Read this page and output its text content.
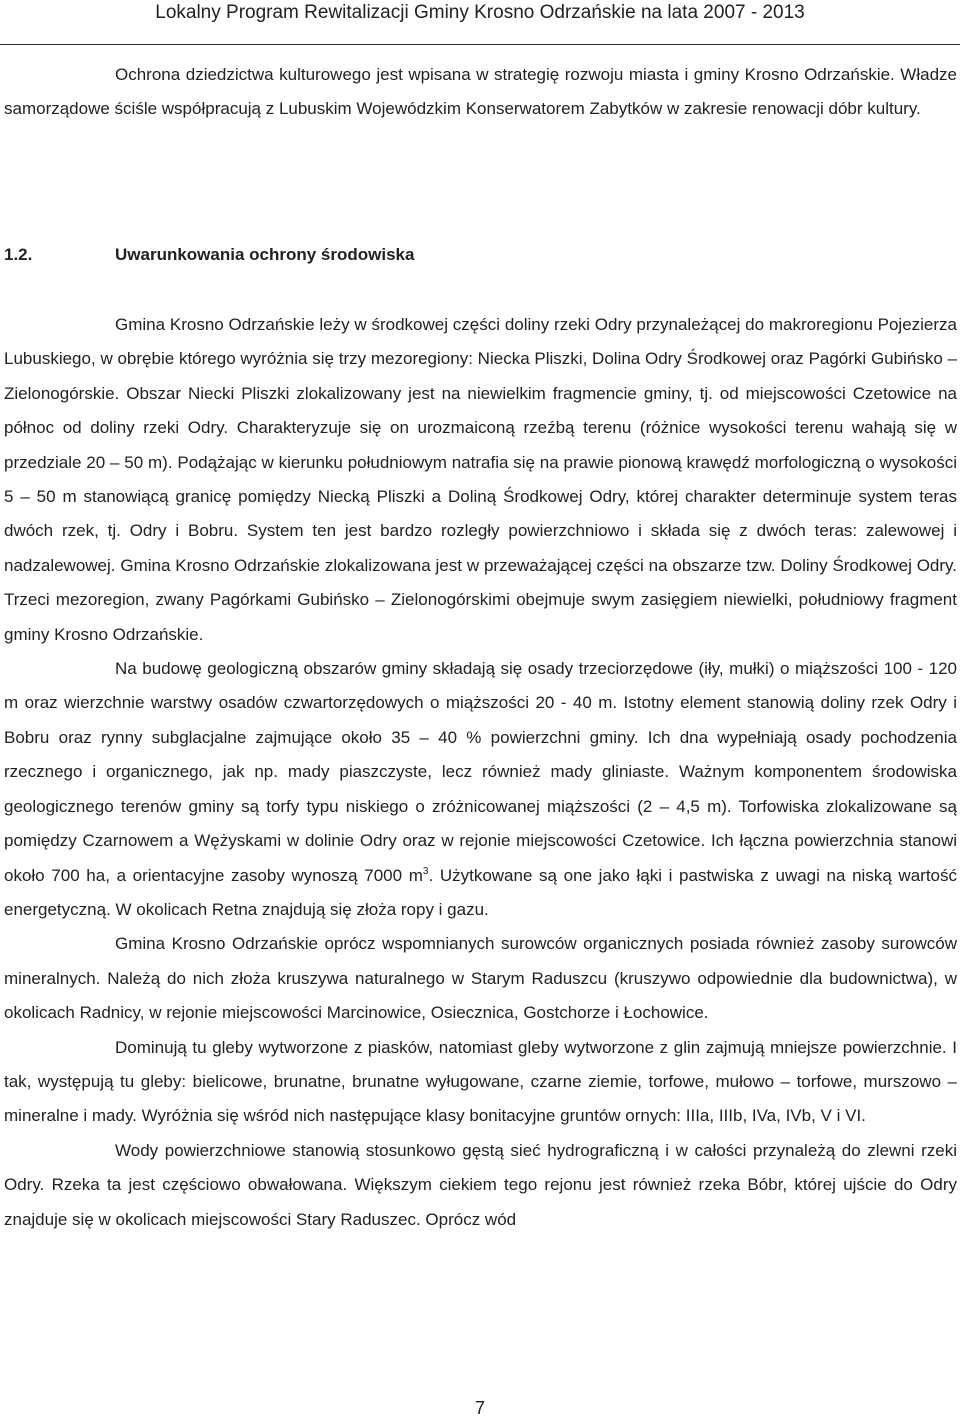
Lokalny Program Rewitalizacji Gminy Krosno Odrzańskie na lata 2007 - 2013

Ochrona dziedzictwa kulturowego jest wpisana w strategię rozwoju miasta i gminy Krosno Odrzańskie. Władze samorządowe ściśle współpracują z Lubuskim Wojewódzkim Konserwatorem Zabytków w zakresie renowacji dóbr kultury.

1.2.	Uwarunkowania ochrony środowiska

Gmina Krosno Odrzańskie leży w środkowej części doliny rzeki Odry przynależącej do makroregionu Pojezierza Lubuskiego, w obrębie którego wyróżnia się trzy mezoregiony: Niecka Pliszki, Dolina Odry Środkowej oraz Pagórki Gubińsko – Zielonogórskie. Obszar Niecki Pliszki zlokalizowany jest na niewielkim fragmencie gminy, tj. od miejscowości Czetowice na północ od doliny rzeki Odry. Charakteryzuje się on urozmaiconą rzeźbą terenu (różnice wysokości terenu wahają się w przedziale 20 – 50 m). Podążając w kierunku południowym natrafia się na prawie pionową krawędź morfologiczną o wysokości 5 – 50 m stanowiącą granicę pomiędzy Niecką Pliszki a Doliną Środkowej Odry, której charakter determinuje system teras dwóch rzek, tj. Odry i Bobru. System ten jest bardzo rozległy powierzchniowo i składa się z dwóch teras: zalewowej i nadzalewowej. Gmina Krosno Odrzańskie zlokalizowana jest w przeważającej części na obszarze tzw. Doliny Środkowej Odry. Trzeci mezoregion, zwany Pagórkami Gubińsko – Zielonogórskimi obejmuje swym zasięgiem niewielki, południowy fragment gminy Krosno Odrzańskie.

Na budowę geologiczną obszarów gminy składają się osady trzeciorzędowe (iły, mułki) o miąższości 100 - 120 m oraz wierzchnie warstwy osadów czwartorzędowych o miąższości 20 - 40 m. Istotny element stanowią doliny rzek Odry i Bobru oraz rynny subglacjalne zajmujące około 35 – 40 % powierzchni gminy. Ich dna wypełniają osady pochodzenia rzecznego i organicznego, jak np. mady piaszczyste, lecz również mady gliniaste. Ważnym komponentem środowiska geologicznego terenów gminy są torfy typu niskiego o zróżnicowanej miąższości (2 – 4,5 m). Torfowiska zlokalizowane są pomiędzy Czarnowem a Wężyskami w dolinie Odry oraz w rejonie miejscowości Czetowice. Ich łączna powierzchnia stanowi około 700 ha, a orientacyjne zasoby wynoszą 7000 $m^3$. Użytkowane są one jako łąki i pastwiska z uwagi na niską wartość energetyczną. W okolicach Retna znajdują się złoża ropy i gazu.

Gmina Krosno Odrzańskie oprócz wspomnianych surowców organicznych posiada również zasoby surowców mineralnych. Należą do nich złoża kruszywa naturalnego w Starym Raduszcu (kruszywo odpowiednie dla budownictwa), w okolicach Radnicy, w rejonie miejscowości Marcinowice, Osiecznica, Gostchorze i Łochowice.

Dominują tu gleby wytworzone z piasków, natomiast gleby wytworzone z glin zajmują mniejsze powierzchnie. I tak, występują tu gleby: bielicowe, brunatne, brunatne wyługowane, czarne ziemie, torfowe, mułowo – torfowe, murszowo – mineralne i mady. Wyróżnia się wśród nich następujące klasy bonitacyjne gruntów ornych: IIIa, IIIb, IVa, IVb, V i VI.

Wody powierzchniowe stanowią stosunkowo gęstą sieć hydrograficzną i w całości przynależą do zlewni rzeki Odry. Rzeka ta jest częściowo obwałowana. Większym ciekiem tego rejonu jest również rzeka Bóbr, której ujście do Odry znajduje się w okolicach miejscowości Stary Raduszec. Oprócz wód

7
